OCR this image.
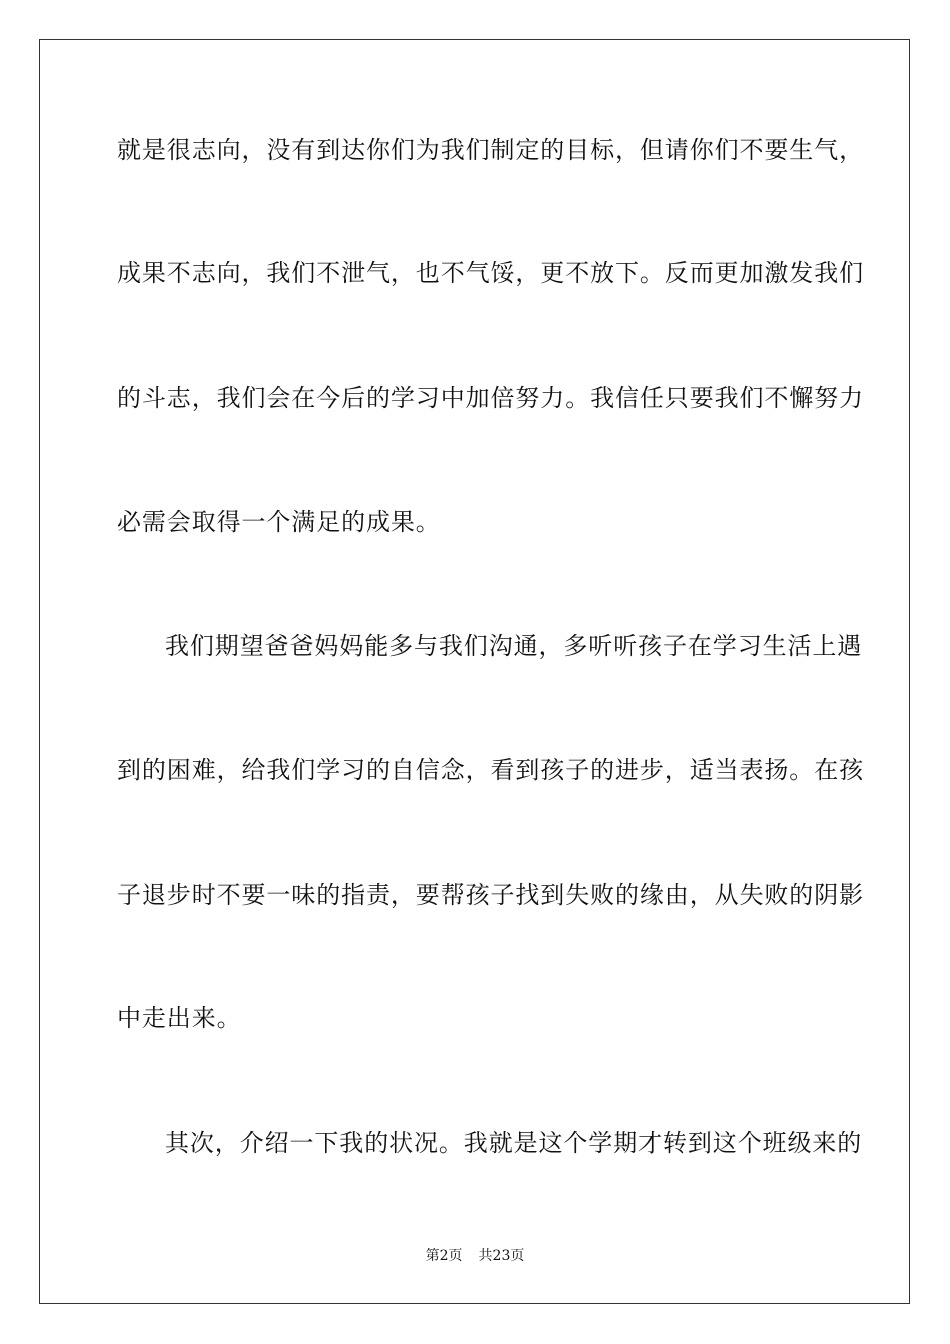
就是很志向，没有到达你们为我们制定的目标，但请你们不要生气，
成果不志向，我们不泄气，也不气馁，更不放下。反而更加激发我们
的斗志，我们会在今后的学习中加倍努力。我信任只要我们不懈努力
必需会取得一个满足的成果。
我们期望爸爸妈妈能多与我们沟通，多听听孩子在学习生活上遇
到的困难，给我们学习的自信念，看到孩子的进步，适当表扬。在孩
子退步时不要一味的指责，要帮孩子找到失败的缘由，从失败的阴影
中走出来。
其次，介绍一下我的状况。我就是这个学期才转到这个班级来的
第2页 共23页
